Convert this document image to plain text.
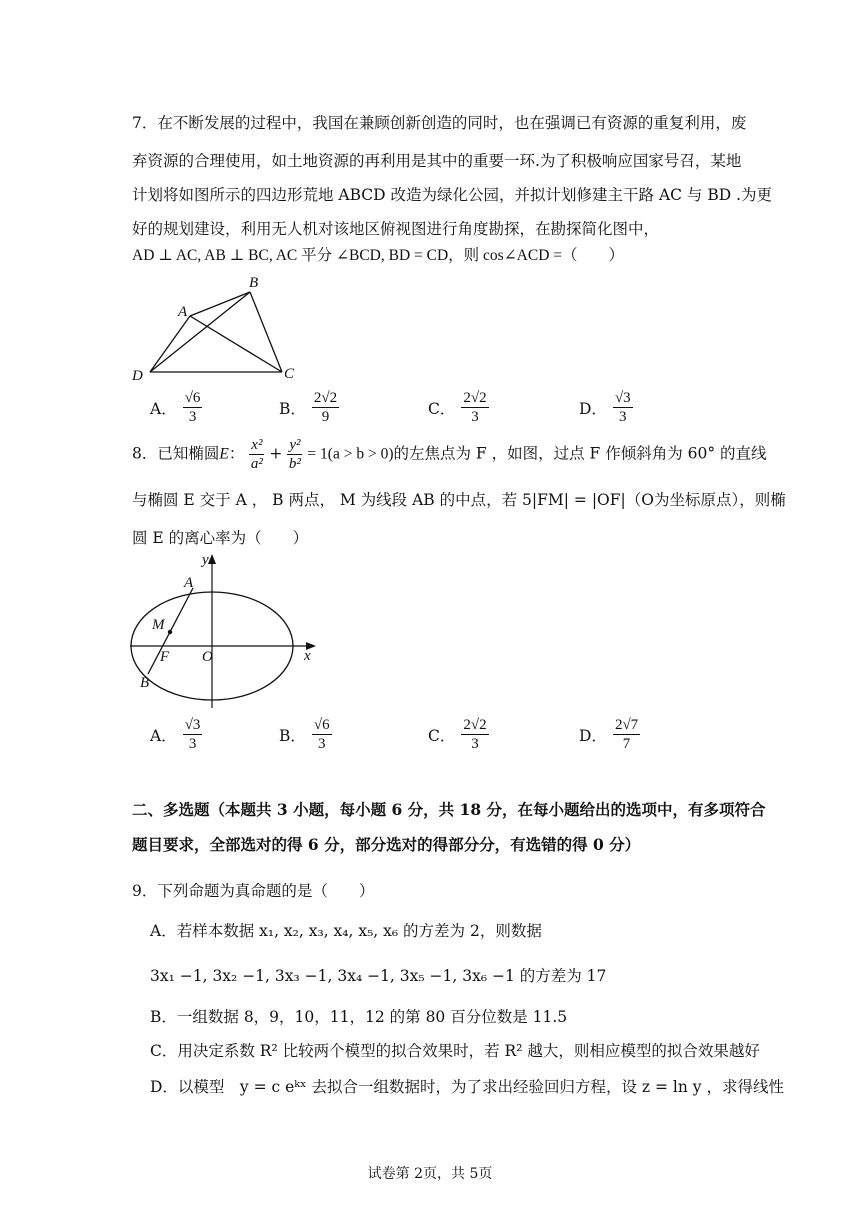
7．在不断发展的过程中，我国在兼顾创新创造的同时，也在强调已有资源的重复利用，废
弃资源的合理使用，如土地资源的再利用是其中的重要一环.为了积极响应国家号召，某地
计划将如图所示的四边形荒地 ABCD 改造为绿化公园，并拟计划修建主干路 AC 与 BD .为更
好的规划建设，利用无人机对该地区俯视图进行角度勘探，在勘探简化图中，
AD ⊥ AC, AB ⊥ BC, AC 平分 ∠BCD, BD = CD，则 cos∠ACD =（　　）
A
B
C
D
A． $\frac{√6}{3}$	B． $\frac{2√2}{9}$	C． $\frac{2√2}{3}$	D． $\frac{√3}{3}$
8．已知椭圆E： $\frac{\text{x²}}{\text{a²}} + \frac{\text{y²}}{\text{b²}} = 1(a > b > 0)$的左焦点为 F ，如图，过点 F 作倾斜角为 60° 的直线
与椭圆 E 交于 A ， B 两点， M 为线段 AB 的中点，若 5|FM| = |OF|（O为坐标原点），则椭
圆 E 的离心率为（　　）
y
x
A
M
F O
B
A． $\frac{√3}{3}$	B． $\frac{√6}{3}$	C． $\frac{2√2}{3}$	D． $\frac{2√7}{7}$
二、多选题（本题共 3 小题，每小题 6 分，共 18 分，在每小题给出的选项中，有多项符合
题目要求，全部选对的得 6 分，部分选对的得部分分，有选错的得 0 分）
9．下列命题为真命题的是（　　）
A．若样本数据 x₁, x₂, x₃, x₄, x₅, x₆ 的方差为 2，则数据
3x₁ −1, 3x₂ −1, 3x₃ −1, 3x₄ −1, 3x₅ −1, 3x₆ −1 的方差为 17
B．一组数据 8，9，10，11，12 的第 80 百分位数是 11.5
C．用决定系数 R² 比较两个模型的拟合效果时，若 R² 越大，则相应模型的拟合效果越好
D．以模型　y = c eᵏˣ 去拟合一组数据时，为了求出经验回归方程，设 z = ln y ，求得线性
试卷第 2页，共 5页
